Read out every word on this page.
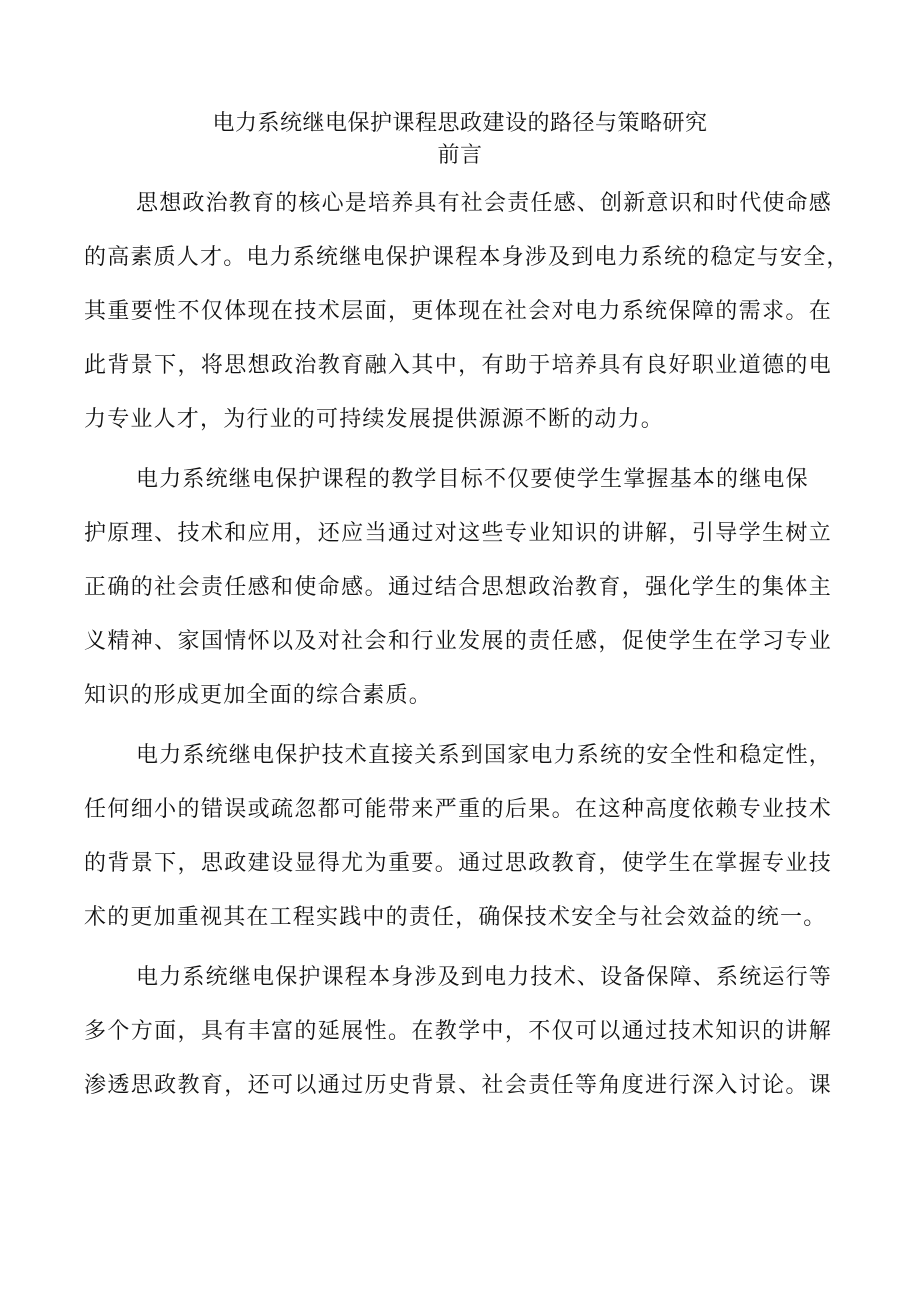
电力系统继电保护课程思政建设的路径与策略研究
前言
思想政治教育的核心是培养具有社会责任感、创新意识和时代使命感
的高素质人才。电力系统继电保护课程本身涉及到电力系统的稳定与安全，
其重要性不仅体现在技术层面，更体现在社会对电力系统保障的需求。在
此背景下，将思想政治教育融入其中，有助于培养具有良好职业道德的电
力专业人才，为行业的可持续发展提供源源不断的动力。
电力系统继电保护课程的教学目标不仅要使学生掌握基本的继电保
护原理、技术和应用，还应当通过对这些专业知识的讲解，引导学生树立
正确的社会责任感和使命感。通过结合思想政治教育，强化学生的集体主
义精神、家国情怀以及对社会和行业发展的责任感，促使学生在学习专业
知识的形成更加全面的综合素质。
电力系统继电保护技术直接关系到国家电力系统的安全性和稳定性，
任何细小的错误或疏忽都可能带来严重的后果。在这种高度依赖专业技术
的背景下，思政建设显得尤为重要。通过思政教育，使学生在掌握专业技
术的更加重视其在工程实践中的责任，确保技术安全与社会效益的统一。
电力系统继电保护课程本身涉及到电力技术、设备保障、系统运行等
多个方面，具有丰富的延展性。在教学中，不仅可以通过技术知识的讲解
渗透思政教育，还可以通过历史背景、社会责任等角度进行深入讨论。课
